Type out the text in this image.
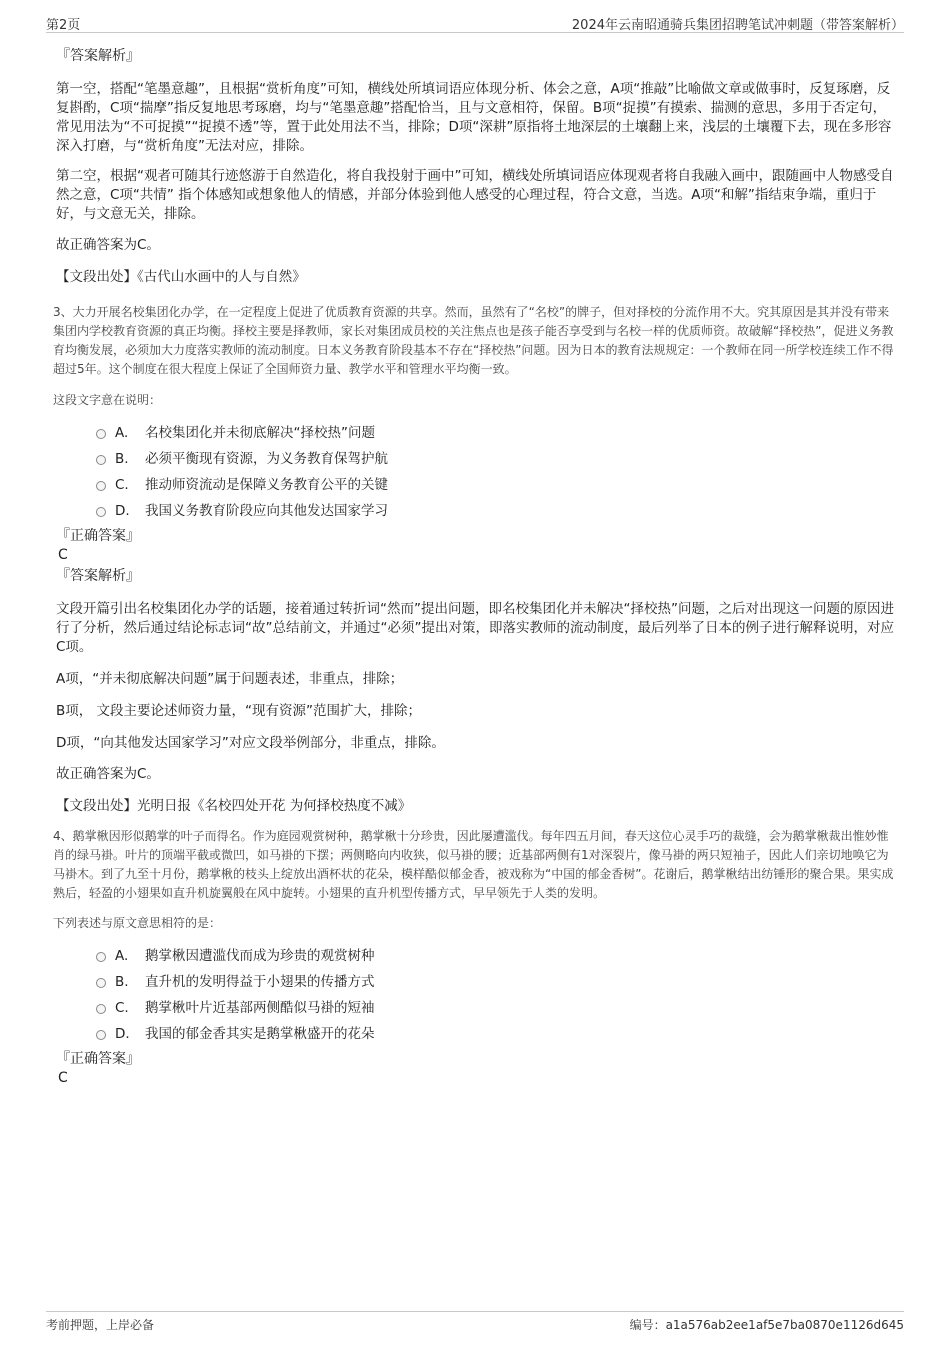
第2页	2024年云南昭通骑兵集团招聘笔试冲刺题（带答案解析）

『答案解析』

第一空，搭配“笔墨意趣”，且根据“赏析角度”可知，横线处所填词语应体现分析、体会之意，A项“推敲”比喻做文章或做事时，反复琢磨，反复斟酌，C项“揣摩”指反复地思考琢磨，均与“笔墨意趣”搭配恰当，且与文意相符，保留。B项“捉摸”有摸索、揣测的意思，多用于否定句，常见用法为“不可捉摸”“捉摸不透”等，置于此处用法不当，排除；D项“深耕”原指将土地深层的土壤翻上来，浅层的土壤覆下去，现在多形容深入打磨，与“赏析角度”无法对应，排除。

第二空，根据“观者可随其行迹悠游于自然造化，将自我投射于画中”可知，横线处所填词语应体现观者将自我融入画中，跟随画中人物感受自然之意，C项“共情” 指个体感知或想象他人的情感，并部分体验到他人感受的心理过程，符合文意，当选。A项“和解”指结束争端，重归于好，与文意无关，排除。

故正确答案为C。

【文段出处】《古代山水画中的人与自然》

3、大力开展名校集团化办学，在一定程度上促进了优质教育资源的共享。然而，虽然有了“名校”的牌子，但对择校的分流作用不大。究其原因是其并没有带来集团内学校教育资源的真正均衡。择校主要是择教师，家长对集团成员校的关注焦点也是孩子能否享受到与名校一样的优质师资。故破解“择校热”，促进义务教育均衡发展，必须加大力度落实教师的流动制度。日本义务教育阶段基本不存在“择校热”问题。因为日本的教育法规规定：一个教师在同一所学校连续工作不得超过5年。这个制度在很大程度上保证了全国师资力量、教学水平和管理水平均衡一致。

这段文字意在说明：

A. 名校集团化并未彻底解决“择校热”问题
B. 必须平衡现有资源，为义务教育保驾护航
C. 推动师资流动是保障义务教育公平的关键
D. 我国义务教育阶段应向其他发达国家学习

『正确答案』

C

『答案解析』

文段开篇引出名校集团化办学的话题，接着通过转折词“然而”提出问题，即名校集团化并未解决“择校热”问题，之后对出现这一问题的原因进行了分析，然后通过结论标志词“故”总结前文，并通过“必须”提出对策，即落实教师的流动制度，最后列举了日本的例子进行解释说明，对应C项。

A项，“并未彻底解决问题”属于问题表述，非重点，排除；

B项， 文段主要论述师资力量，“现有资源”范围扩大，排除；

D项，“向其他发达国家学习”对应文段举例部分，非重点，排除。

故正确答案为C。

【文段出处】光明日报《名校四处开花 为何择校热度不减》

4、鹅掌楸因形似鹅掌的叶子而得名。作为庭园观赏树种，鹅掌楸十分珍贵，因此屡遭滥伐。每年四五月间，春天这位心灵手巧的裁缝，会为鹅掌楸裁出惟妙惟肖的绿马褂。叶片的顶端平截或微凹，如马褂的下摆；两侧略向内收狭，似马褂的腰；近基部两侧有1对深裂片，像马褂的两只短袖子，因此人们亲切地唤它为马褂木。到了九至十月份，鹅掌楸的枝头上绽放出酒杯状的花朵，模样酷似郁金香，被戏称为“中国的郁金香树”。花谢后，鹅掌楸结出纺锤形的聚合果。果实成熟后，轻盈的小翅果如直升机旋翼般在风中旋转。小翅果的直升机型传播方式，早早领先于人类的发明。

下列表述与原文意思相符的是：

A. 鹅掌楸因遭滥伐而成为珍贵的观赏树种
B. 直升机的发明得益于小翅果的传播方式
C. 鹅掌楸叶片近基部两侧酷似马褂的短袖
D. 我国的郁金香其实是鹅掌楸盛开的花朵

『正确答案』

C

考前押题，上岸必备	编号：a1a576ab2ee1af5e7ba0870e1126d645
